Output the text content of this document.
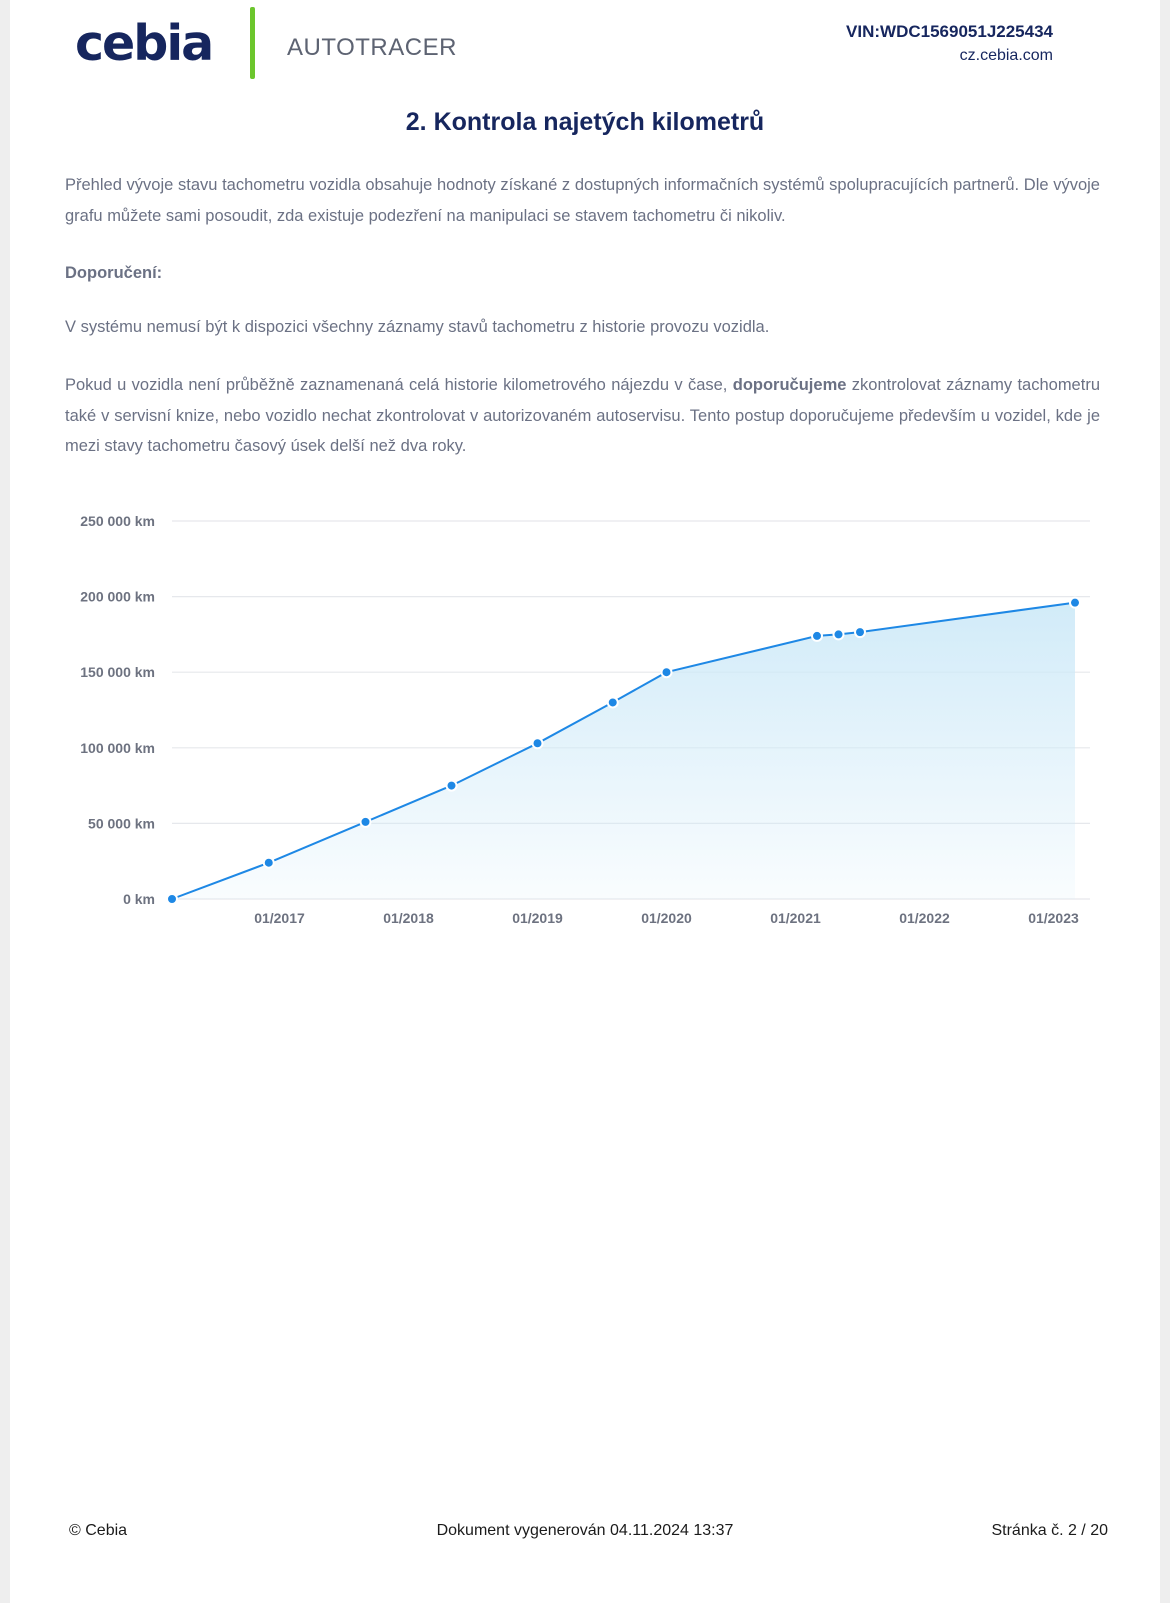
cebia	AUTOTRACER
VIN:WDC1569051J225434
cz.cebia.com
2. Kontrola najetých kilometrů
Přehled vývoje stavu tachometru vozidla obsahuje hodnoty získané z dostupných informačních systémů spolupracujících partnerů. Dle vývoje grafu můžete sami posoudit, zda existuje podezření na manipulaci se stavem tachometru či nikoliv.
Doporučení:
V systému nemusí být k dispozici všechny záznamy stavů tachometru z historie provozu vozidla.
Pokud u vozidla není průběžně zaznamenaná celá historie kilometrového nájezdu v čase, doporučujeme zkontrolovat záznamy tachometru také v servisní knize, nebo vozidlo nechat zkontrolovat v autorizovaném autoservisu. Tento postup doporučujeme především u vozidel, kde je mezi stavy tachometru časový úsek delší než dva roky.
0 km
50 000 km
100 000 km
150 000 km
200 000 km
250 000 km
01/2017	01/2018	01/2019	01/2020	01/2021	01/2022	01/2023
© Cebia	Dokument vygenerován 04.11.2024 13:37	Stránka č. 2 / 20
